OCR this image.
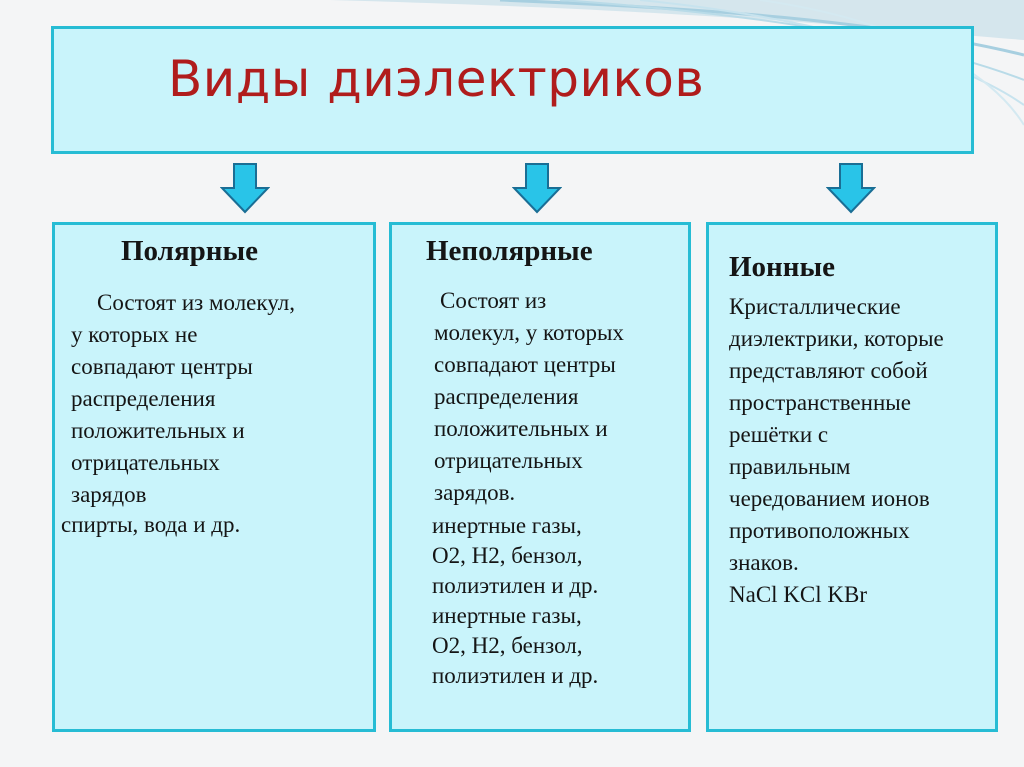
Виды диэлектриков
Полярные
Состоят из молекул,
у которых не
совпадают центры
распределения
положительных и
отрицательных
зарядов
спирты, вода и др.
Неполярные
Состоят из
молекул, у которых
совпадают центры
распределения
положительных и
отрицательных
зарядов.
инертные газы,
O2, H2, бензол,
полиэтилен и др.
инертные газы,
O2, H2, бензол,
полиэтилен и др.
Ионные
Кристаллические
диэлектрики, которые
представляют собой
пространственные
решётки с
правильным
чередованием ионов
противоположных
знаков.
NaCl KCl KBr
